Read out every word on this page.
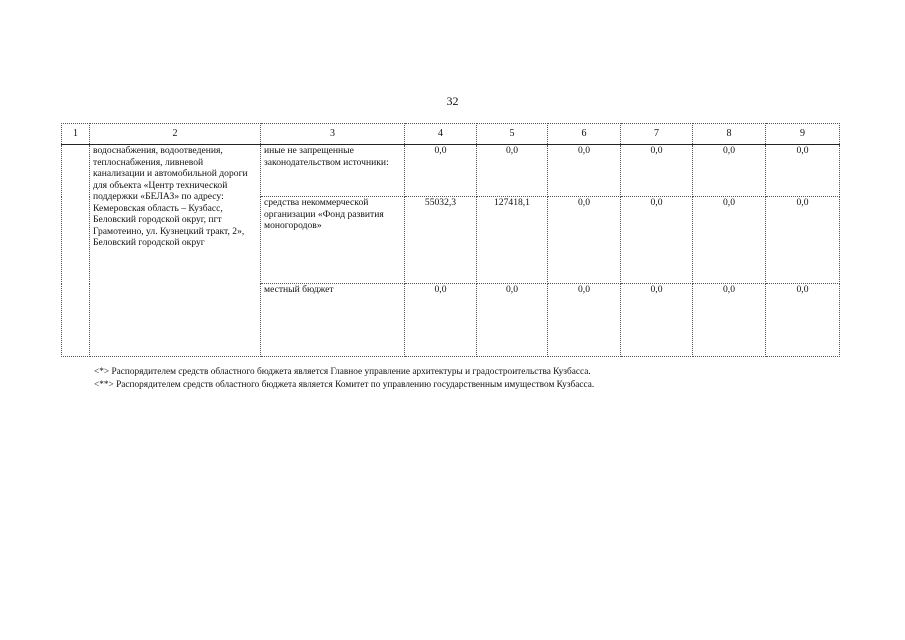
32
1	2	3	4	5	6	7	8	9
	водоснабжения, водоотведения, теплоснабжения, ливневой канализации и автомобильной дороги для объекта «Центр технической поддержки «БЕЛАЗ» по адресу: Кемеровская область – Кузбасс, Беловский городской округ, пгт Грамотеино, ул. Кузнецкий тракт, 2», Беловский городской округ	иные не запрещенные законодательством источники:	0,0	0,0	0,0	0,0	0,0	0,0
		средства некоммерческой организации «Фонд развития моногородов»	55032,3	127418,1	0,0	0,0	0,0	0,0
		местный бюджет	0,0	0,0	0,0	0,0	0,0	0,0
<*> Распорядителем средств областного бюджета является Главное управление архитектуры и градостроительства Кузбасса.
<**> Распорядителем средств областного бюджета является Комитет по управлению государственным имуществом Кузбасса.
